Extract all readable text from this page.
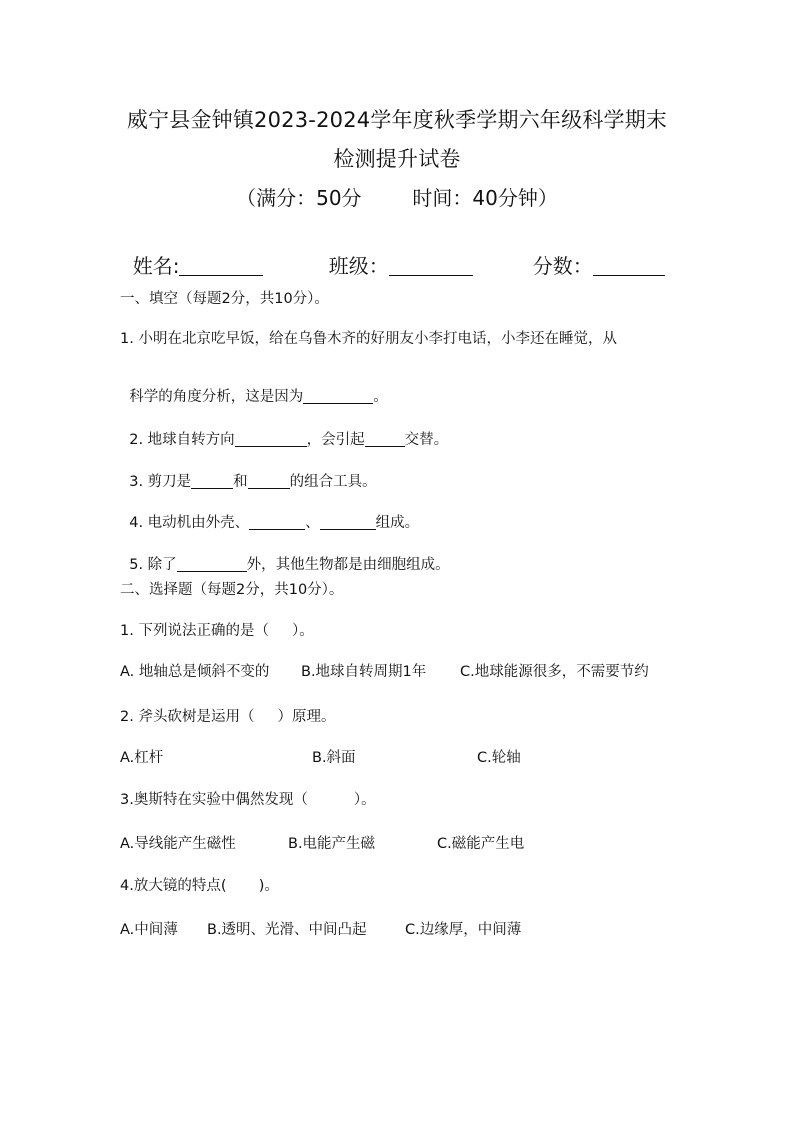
威宁县金钟镇2023-2024学年度秋季学期六年级科学期末
检测提升试卷
（满分：50分        时间：40分钟）

姓名:	班级：	分数：

一、填空（每题2分，共10分）。
1. 小明在北京吃早饭，给在乌鲁木齐的好朋友小李打电话，小李还在睡觉，从

科学的角度分析，这是因为	。

2. 地球自转方向	，会引起	交替。

3. 剪刀是	和	的组合工具。

4. 电动机由外壳、	、	组成。

5. 除了	外，其他生物都是由细胞组成。

二、选择题（每题2分，共10分）。
1. 下列说法正确的是（     ）。
A. 地轴总是倾斜不变的 B.地球自转周期1年 C.地球能源很多，不需要节约
2. 斧头砍树是运用（     ）原理。
A.杠杆	B.斜面	C.轮轴
3.奥斯特在实验中偶然发现（          ）。
A.导线能产生磁性	B.电能产生磁	C.磁能产生电
4.放大镜的特点(       )。
A.中间薄 B.透明、光滑、中间凸起	C.边缘厚，中间薄
